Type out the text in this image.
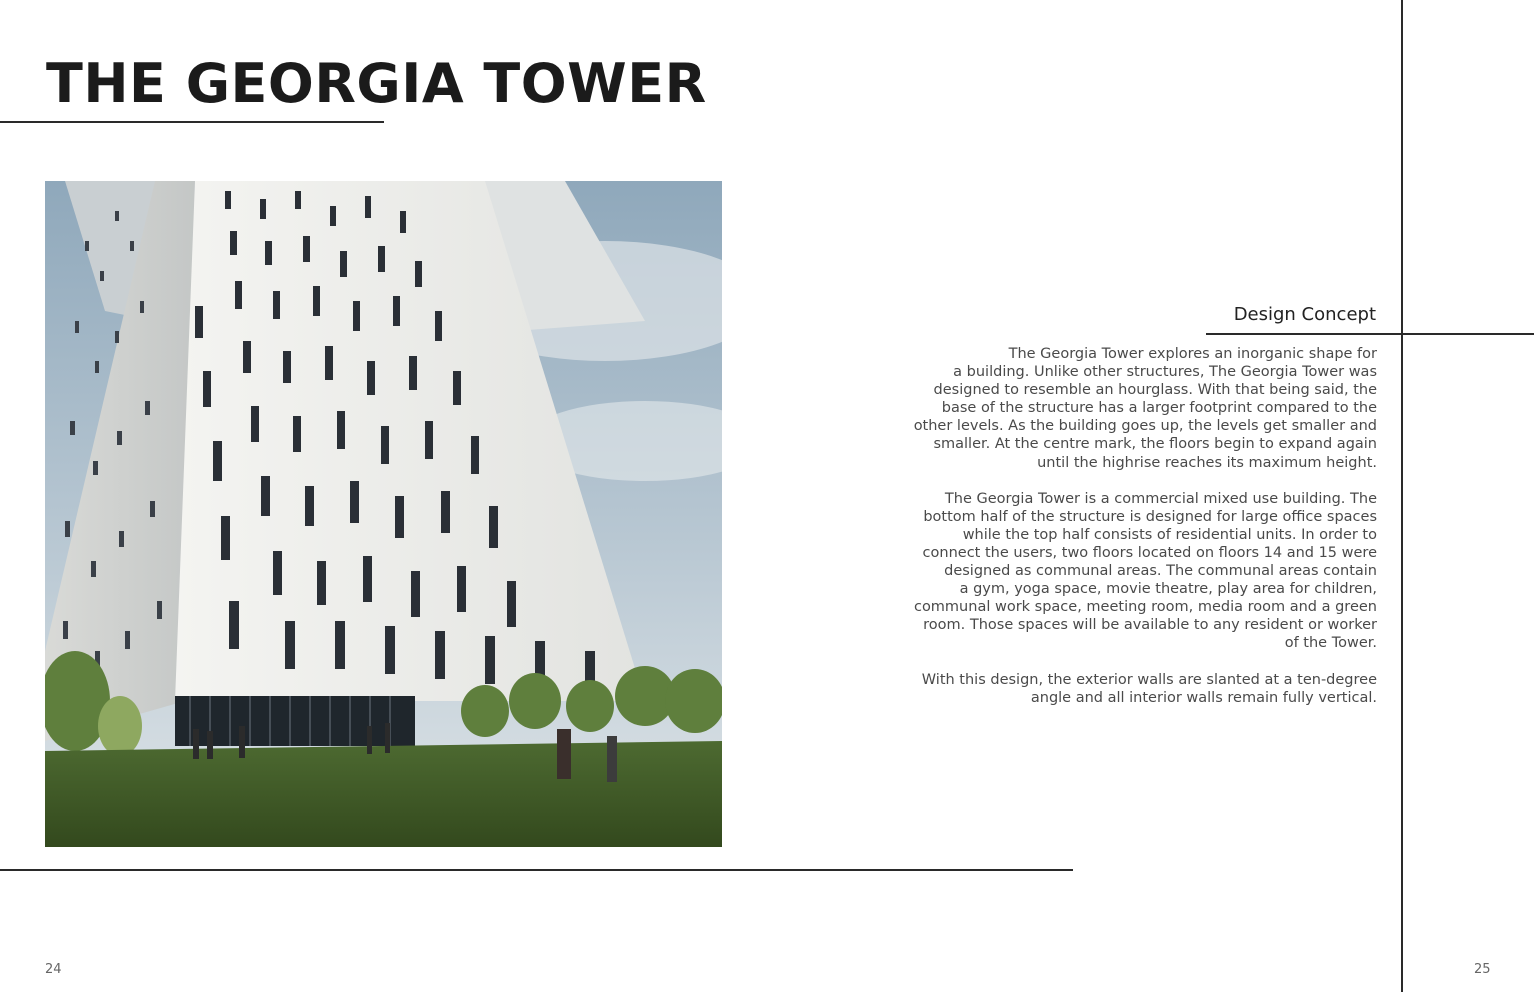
THE GEORGIA TOWER
Design Concept

The Georgia Tower explores an inorganic shape for
a building. Unlike other structures, The Georgia Tower was
designed to resemble an hourglass. With that being said, the
base of the structure has a larger footprint compared to the
other levels. As the building goes up, the levels get smaller and
smaller. At the centre mark, the floors begin to expand again
until the highrise reaches its maximum height.

The Georgia Tower is a commercial mixed use building. The
bottom half of the structure is designed for large office spaces
while the top half consists of residential units. In order to
connect the users, two floors located on floors 14 and 15 were
designed as communal areas. The communal areas contain
a gym, yoga space, movie theatre, play area for children,
communal work space, meeting room, media room and a green
room. Those spaces will be available to any resident or worker
of the Tower.

With this design, the exterior walls are slanted at a ten-degree
angle and all interior walls remain fully vertical.

24	25
